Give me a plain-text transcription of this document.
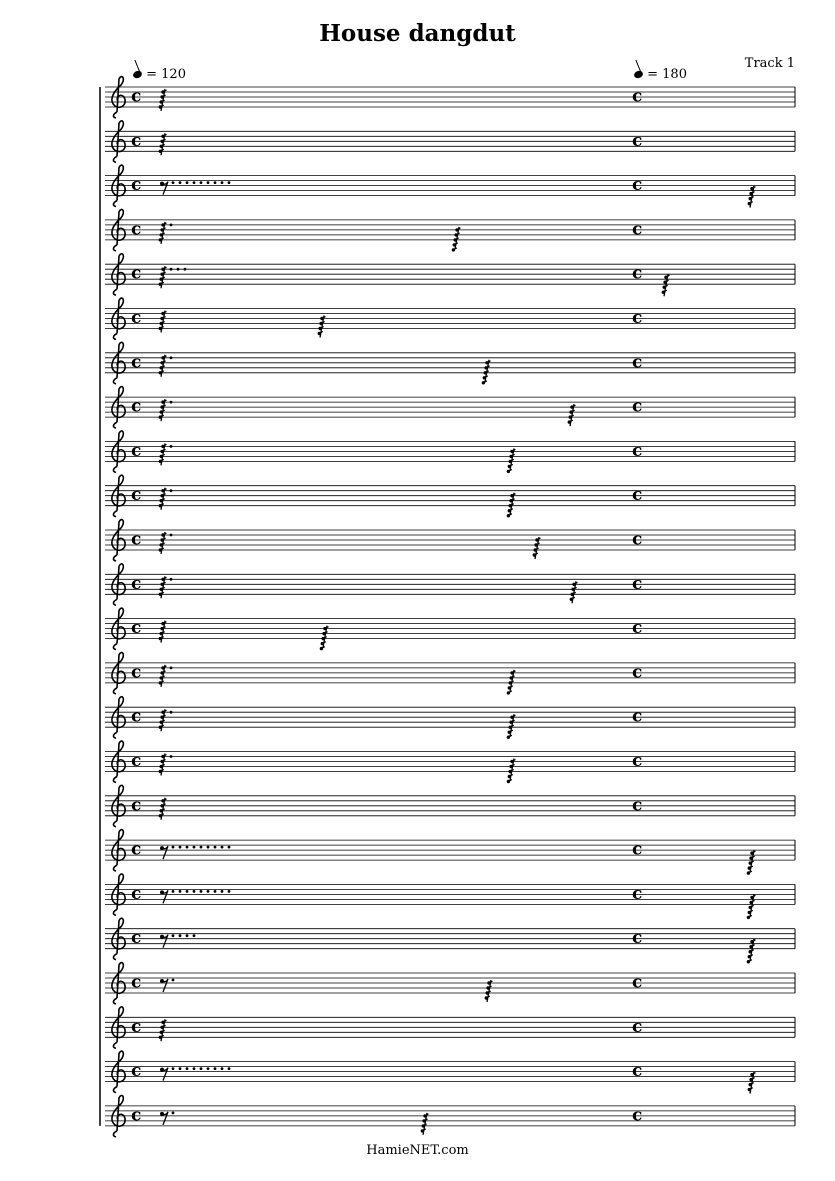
House dangdut
Track 1
= 120	= 180
c	c
c	c
c	c
c	c
c	c
c	c
c	c
c	c
c	c
c	c
c	c
c	c
c	c
c	c
c	c
c	c
c	c
c	c
c	c
c	c
c	c
c	c
c	c
c	c
HamieNET.com
